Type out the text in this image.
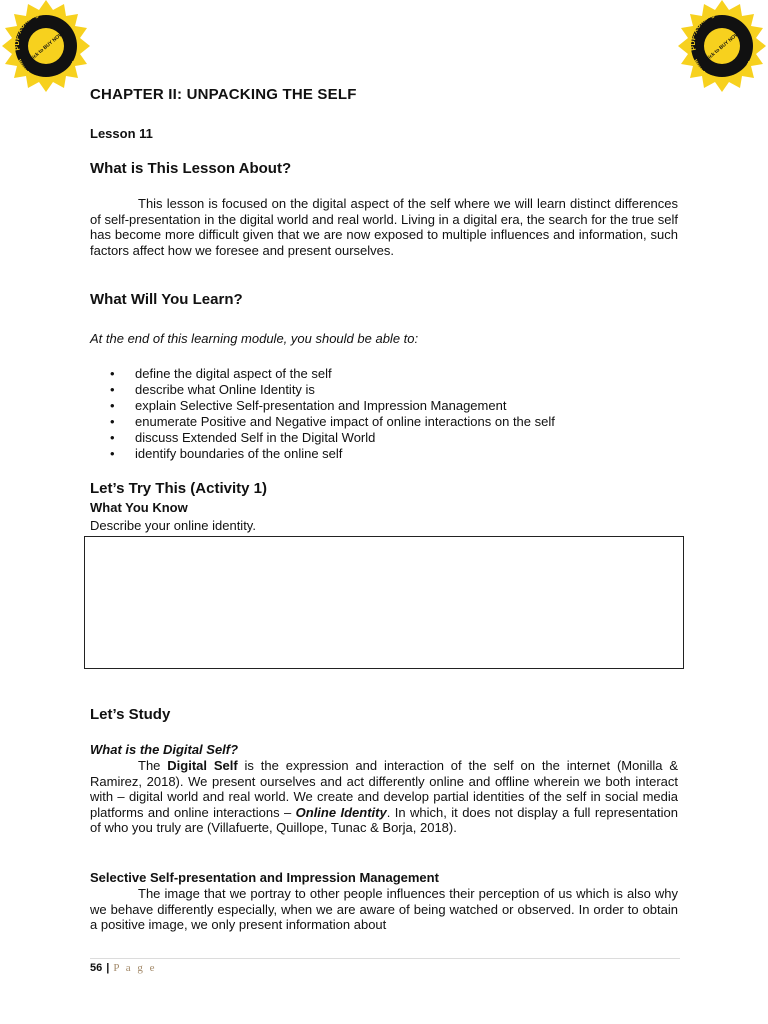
PDF-XChange Editor
www.tracker-software.com
Click to BUY NOW!	PDF-XChange Editor
www.tracker-software.com
Click to BUY NOW!
CHAPTER II: UNPACKING THE SELF
Lesson 11
What is This Lesson About?

This lesson is focused on the digital aspect of the self where we will learn distinct differences of self-presentation in the digital world and real world. Living in a digital era, the search for the true self has become more difficult given that we are now exposed to multiple influences and information, such factors affect how we foresee and present ourselves.

What Will You Learn?
At the end of this learning module, you should be able to:
• define the digital aspect of the self
• describe what Online Identity is
• explain Selective Self-presentation and Impression Management
• enumerate Positive and Negative impact of online interactions on the self
• discuss Extended Self in the Digital World
• identify boundaries of the online self
Let’s Try This (Activity 1)
What You Know
Describe your online identity.
Let’s Study
What is the Digital Self?

The Digital Self is the expression and interaction of the self on the internet (Monilla & Ramirez, 2018). We present ourselves and act differently online and offline wherein we both interact with – digital world and real world. We create and develop partial identities of the self in social media platforms and online interactions – Online Identity. In which, it does not display a full representation of who you truly are (Villafuerte, Quillope, Tunac & Borja, 2018).

Selective Self-presentation and Impression Management

The image that we portray to other people influences their perception of us which is also why we behave differently especially, when we are aware of being watched or observed. In order to obtain a positive image, we only present information about

56 | P a g e
